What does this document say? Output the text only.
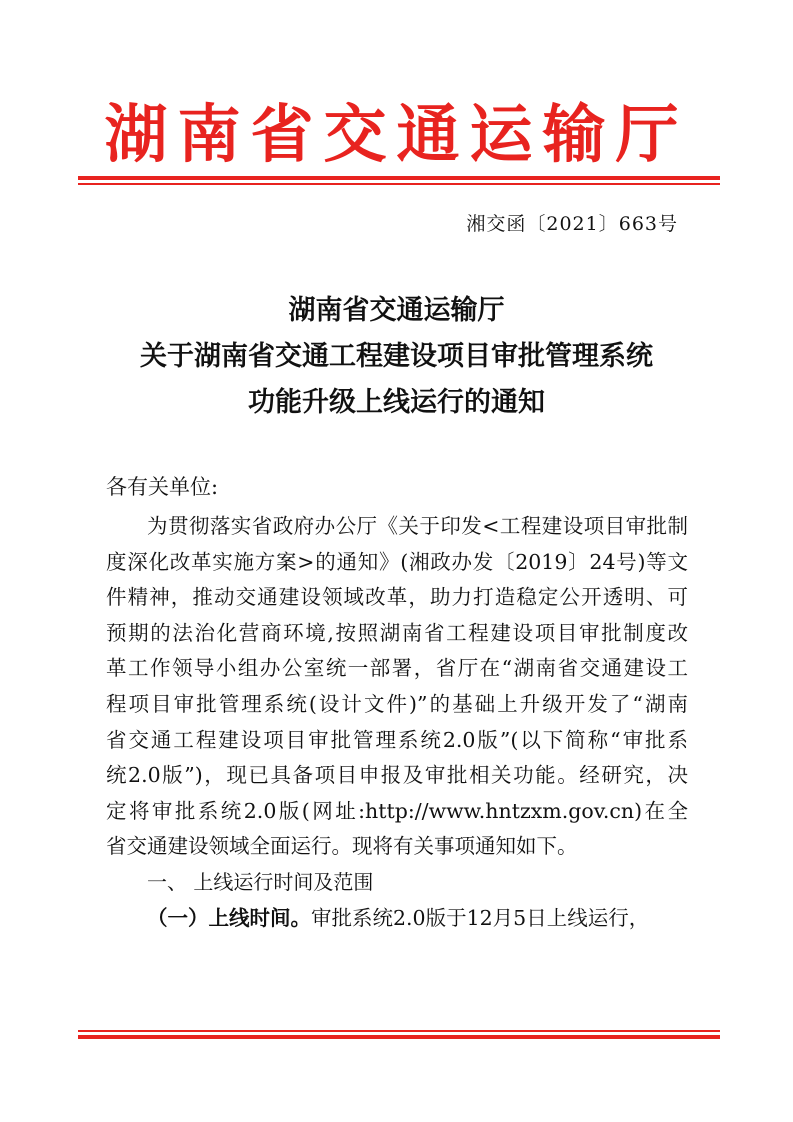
湖南省交通运输厅
湘交函〔2021〕663号
湖南省交通运输厅
关于湖南省交通工程建设项目审批管理系统
功能升级上线运行的通知
各有关单位:
为贯彻落实省政府办公厅《关于印发<工程建设项目审批制
度深化改革实施方案>的通知》(湘政办发〔2019〕24号)等文
件精神，推动交通建设领域改革，助力打造稳定公开透明、可
预期的法治化营商环境,按照湖南省工程建设项目审批制度改
革工作领导小组办公室统一部署，省厅在“湖南省交通建设工
程项目审批管理系统(设计文件)”的基础上升级开发了“湖南
省交通工程建设项目审批管理系统2.0版”(以下简称“审批系
统2.0版”)，现已具备项目申报及审批相关功能。经研究，决
定将审批系统2.0版(网址:http://www.hntzxm.gov.cn)在全
省交通建设领域全面运行。现将有关事项通知如下。
一、 上线运行时间及范围
（一）上线时间。审批系统2.0版于12月5日上线运行，
